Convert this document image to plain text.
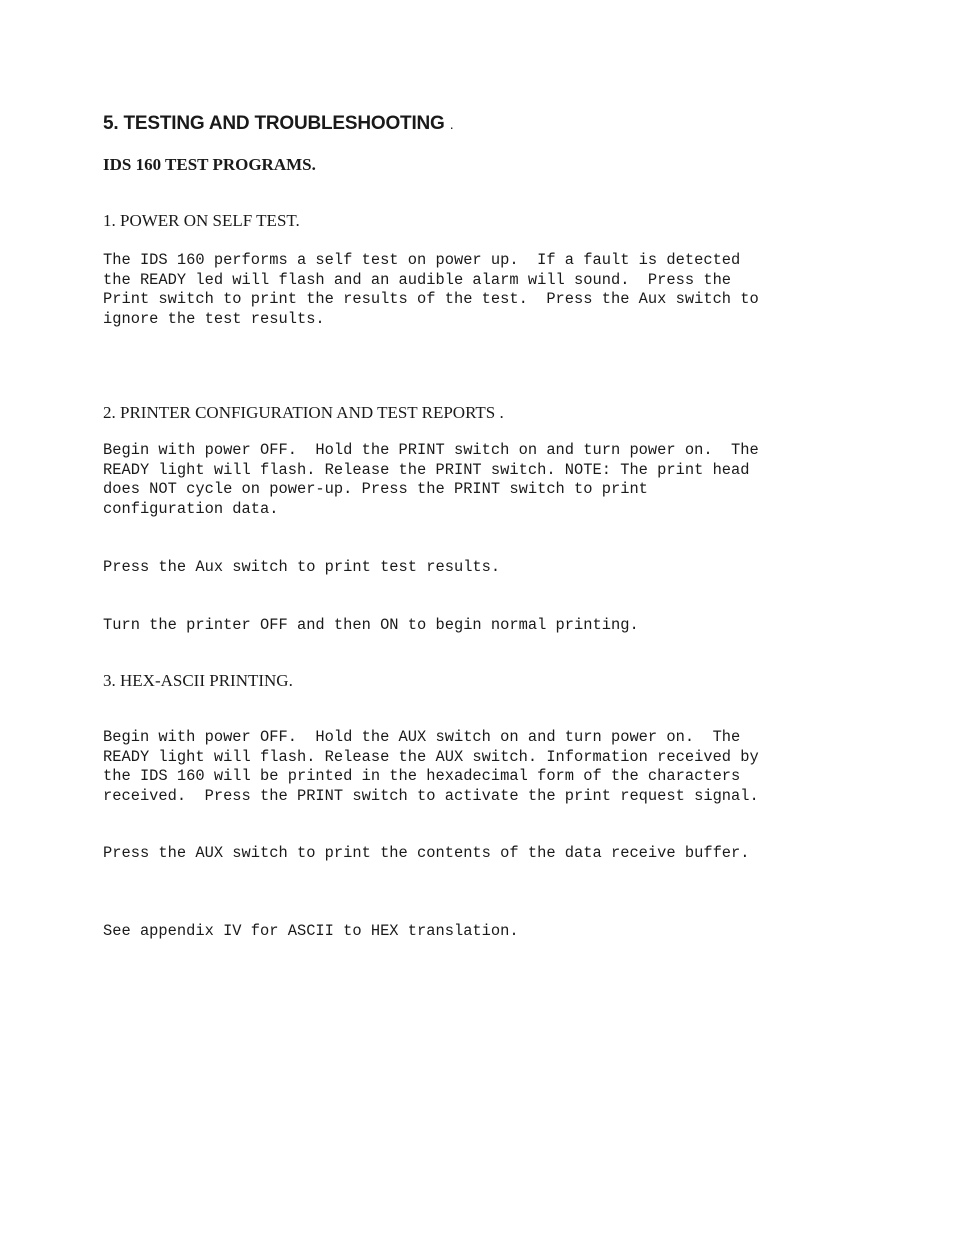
5. TESTING AND TROUBLESHOOTING .
IDS 160 TEST PROGRAMS.
1. POWER ON SELF TEST.
The IDS 160 performs a self test on power up.  If a fault is detected
the READY led will flash and an audible alarm will sound.  Press the
Print switch to print the results of the test.  Press the Aux switch to
ignore the test results.
2. PRINTER CONFIGURATION AND TEST REPORTS .
Begin with power OFF.  Hold the PRINT switch on and turn power on.  The
READY light will flash. Release the PRINT switch. NOTE: The print head
does NOT cycle on power-up. Press the PRINT switch to print
configuration data.
Press the Aux switch to print test results.
Turn the printer OFF and then ON to begin normal printing.
3. HEX-ASCII PRINTING.
Begin with power OFF.  Hold the AUX switch on and turn power on.  The
READY light will flash. Release the AUX switch. Information received by
the IDS 160 will be printed in the hexadecimal form of the characters
received.  Press the PRINT switch to activate the print request signal.
Press the AUX switch to print the contents of the data receive buffer.
See appendix IV for ASCII to HEX translation.
